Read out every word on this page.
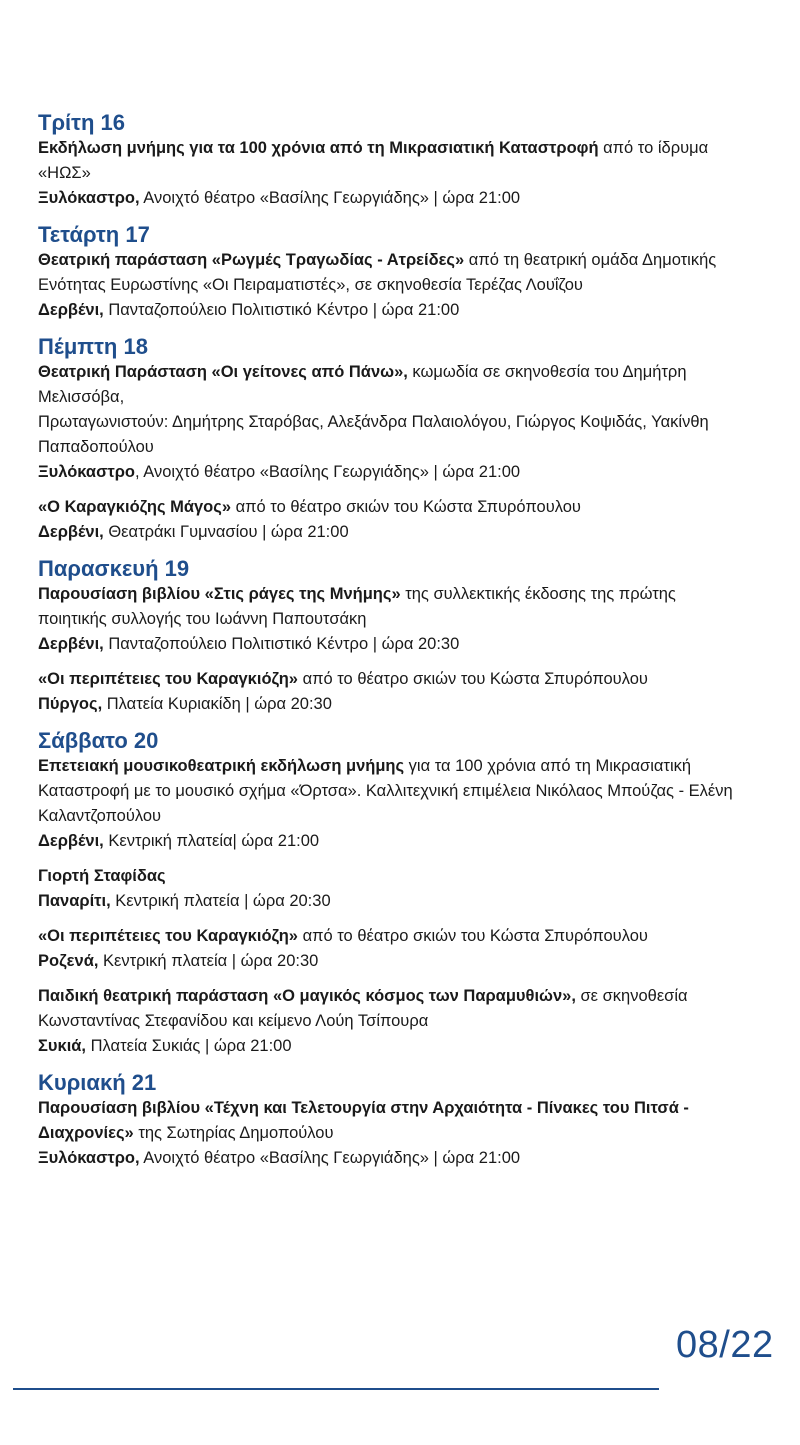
Τρίτη 16

Εκδήλωση μνήμης για τα 100 χρόνια από τη Μικρασιατική Καταστροφή από το ίδρυμα «ΗΩΣ»

Ξυλόκαστρο, Ανοιχτό θέατρο «Βασίλης Γεωργιάδης» | ώρα 21:00

Τετάρτη 17

Θεατρική παράσταση «Ρωγμές Τραγωδίας - Ατρείδες» από τη θεατρική ομάδα Δημοτικής Ενότητας Ευρωστίνης «Οι Πειραματιστές», σε σκηνοθεσία Τερέζας Λουΐζου

Δερβένι, Πανταζοπούλειο Πολιτιστικό Κέντρο | ώρα 21:00

Πέμπτη 18

Θεατρική Παράσταση «Οι γείτονες από Πάνω», κωμωδία σε σκηνοθεσία του Δημήτρη Μελισσόβα,

Πρωταγωνιστούν: Δημήτρης Σταρόβας, Αλεξάνδρα Παλαιολόγου, Γιώργος Κοψιδάς, Υακίνθη Παπαδοπούλου

Ξυλόκαστρο, Ανοιχτό θέατρο «Βασίλης Γεωργιάδης» | ώρα 21:00

«Ο Καραγκιόζης Μάγος» από το θέατρο σκιών του Κώστα Σπυρόπουλου

Δερβένι, Θεατράκι Γυμνασίου | ώρα 21:00

Παρασκευή 19

Παρουσίαση βιβλίου «Στις ράγες της Μνήμης» της συλλεκτικής έκδοσης της πρώτης ποιητικής συλλογής του Ιωάννη Παπουτσάκη

Δερβένι, Πανταζοπούλειο Πολιτιστικό Κέντρο | ώρα 20:30

«Οι περιπέτειες του Καραγκιόζη» από το θέατρο σκιών του Κώστα Σπυρόπουλου

Πύργος, Πλατεία Κυριακίδη | ώρα 20:30

Σάββατο 20

Επετειακή μουσικοθεατρική εκδήλωση μνήμης για τα 100 χρόνια από τη Μικρασιατική Καταστροφή με το μουσικό σχήμα «Όρτσα». Καλλιτεχνική επιμέλεια Νικόλαος Μπούζας - Ελένη Καλαντζοπούλου

Δερβένι, Κεντρική πλατεία| ώρα 21:00

Γιορτή Σταφίδας

Παναρίτι, Κεντρική πλατεία | ώρα 20:30

«Οι περιπέτειες του Καραγκιόζη» από το θέατρο σκιών του Κώστα Σπυρόπουλου

Ροζενά, Κεντρική πλατεία | ώρα 20:30

Παιδική θεατρική παράσταση «Ο μαγικός κόσμος των Παραμυθιών», σε σκηνοθεσία Κωνσταντίνας Στεφανίδου και κείμενο Λούη Τσίπουρα

Συκιά, Πλατεία Συκιάς | ώρα 21:00

Κυριακή 21

Παρουσίαση βιβλίου «Τέχνη και Τελετουργία στην Αρχαιότητα - Πίνακες του Πιτσά - Διαχρονίες» της Σωτηρίας Δημοπούλου

Ξυλόκαστρο, Ανοιχτό θέατρο «Βασίλης Γεωργιάδης» | ώρα 21:00

08/22
